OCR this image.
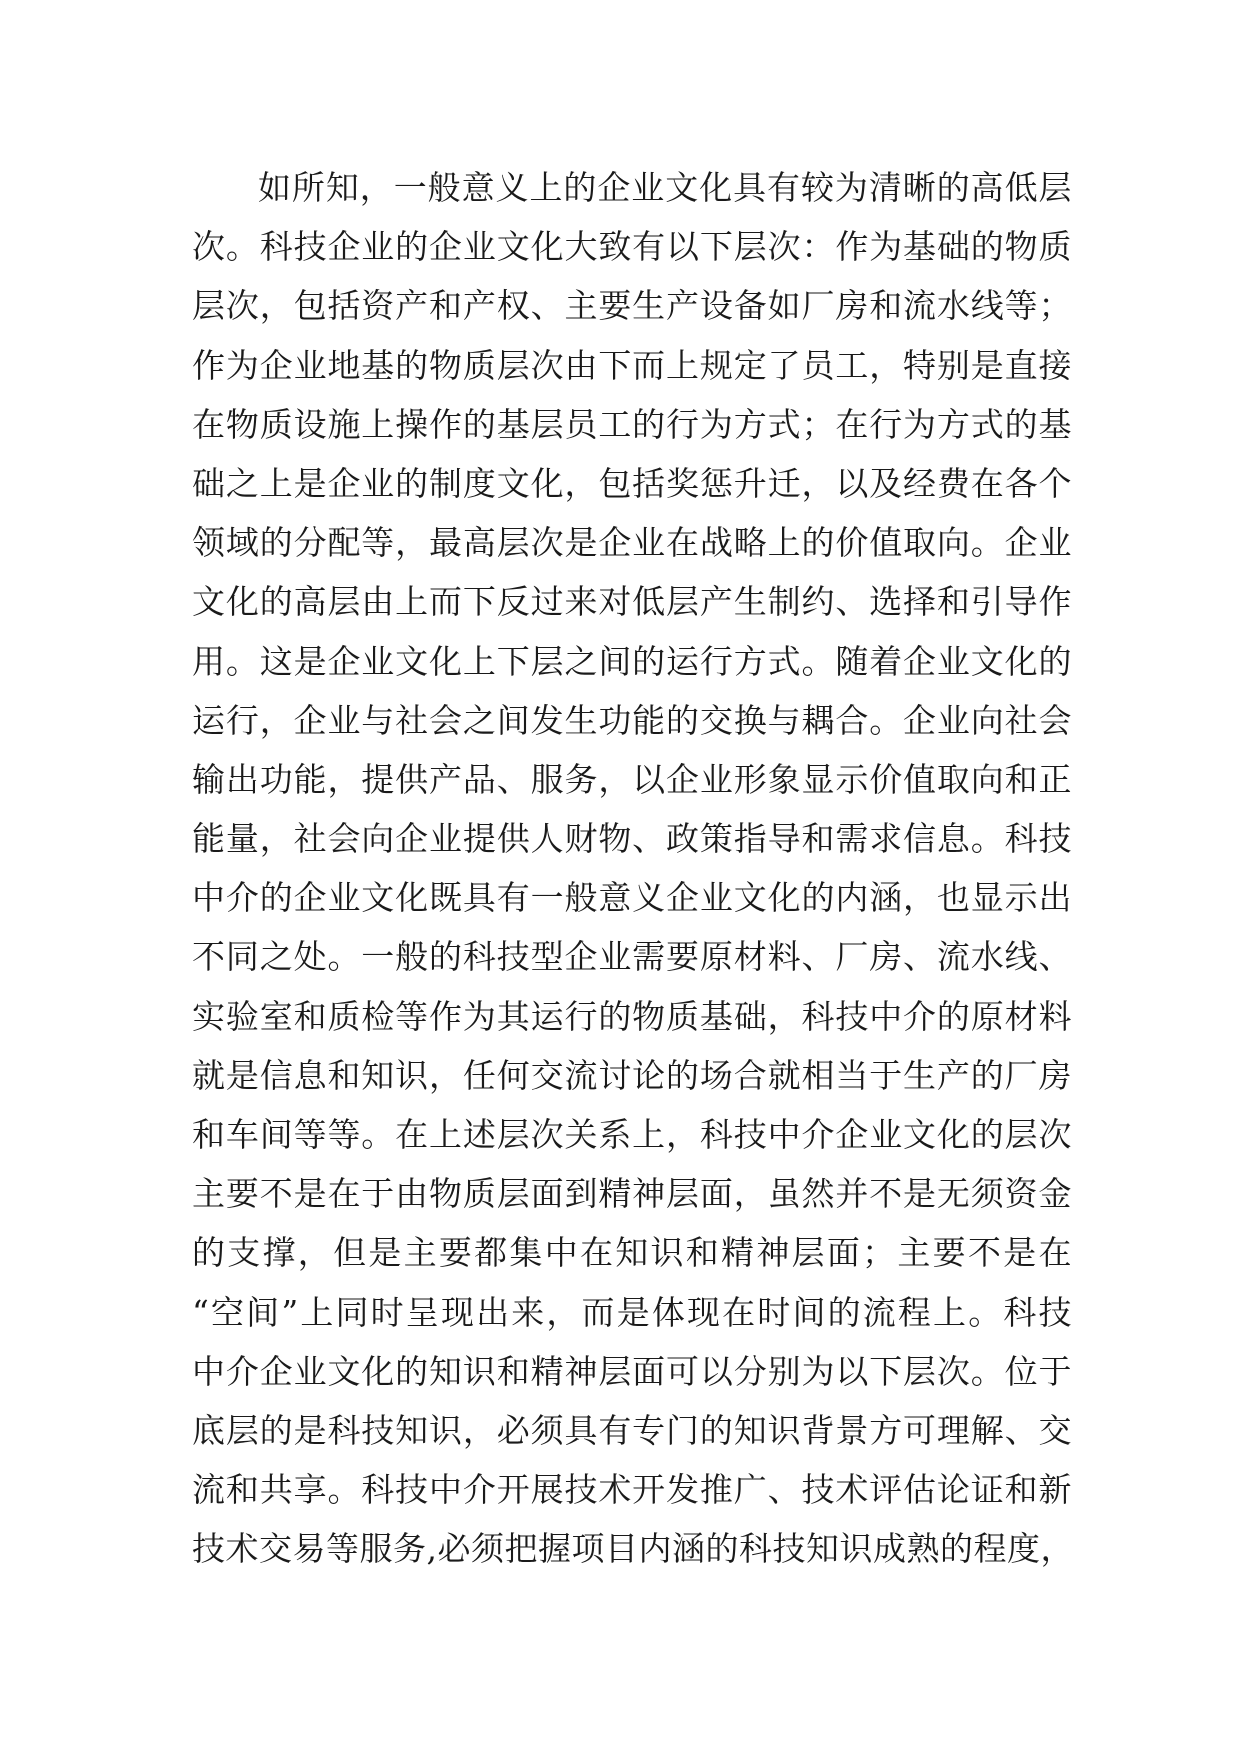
如所知，一般意义上的企业文化具有较为清晰的高低层
次。科技企业的企业文化大致有以下层次：作为基础的物质
层次，包括资产和产权、主要生产设备如厂房和流水线等；
作为企业地基的物质层次由下而上规定了员工，特别是直接
在物质设施上操作的基层员工的行为方式；在行为方式的基
础之上是企业的制度文化，包括奖惩升迁，以及经费在各个
领域的分配等，最高层次是企业在战略上的价值取向。企业
文化的高层由上而下反过来对低层产生制约、选择和引导作
用。这是企业文化上下层之间的运行方式。随着企业文化的
运行，企业与社会之间发生功能的交换与耦合。企业向社会
输出功能，提供产品、服务，以企业形象显示价值取向和正
能量，社会向企业提供人财物、政策指导和需求信息。科技
中介的企业文化既具有一般意义企业文化的内涵，也显示出
不同之处。一般的科技型企业需要原材料、厂房、流水线、
实验室和质检等作为其运行的物质基础，科技中介的原材料
就是信息和知识，任何交流讨论的场合就相当于生产的厂房
和车间等等。在上述层次关系上，科技中介企业文化的层次
主要不是在于由物质层面到精神层面，虽然并不是无须资金
的支撑，但是主要都集中在知识和精神层面；主要不是在
“空间”上同时呈现出来，而是体现在时间的流程上。科技
中介企业文化的知识和精神层面可以分别为以下层次。位于
底层的是科技知识，必须具有专门的知识背景方可理解、交
流和共享。科技中介开展技术开发推广、技术评估论证和新
技术交易等服务,必须把握项目内涵的科技知识成熟的程度，
